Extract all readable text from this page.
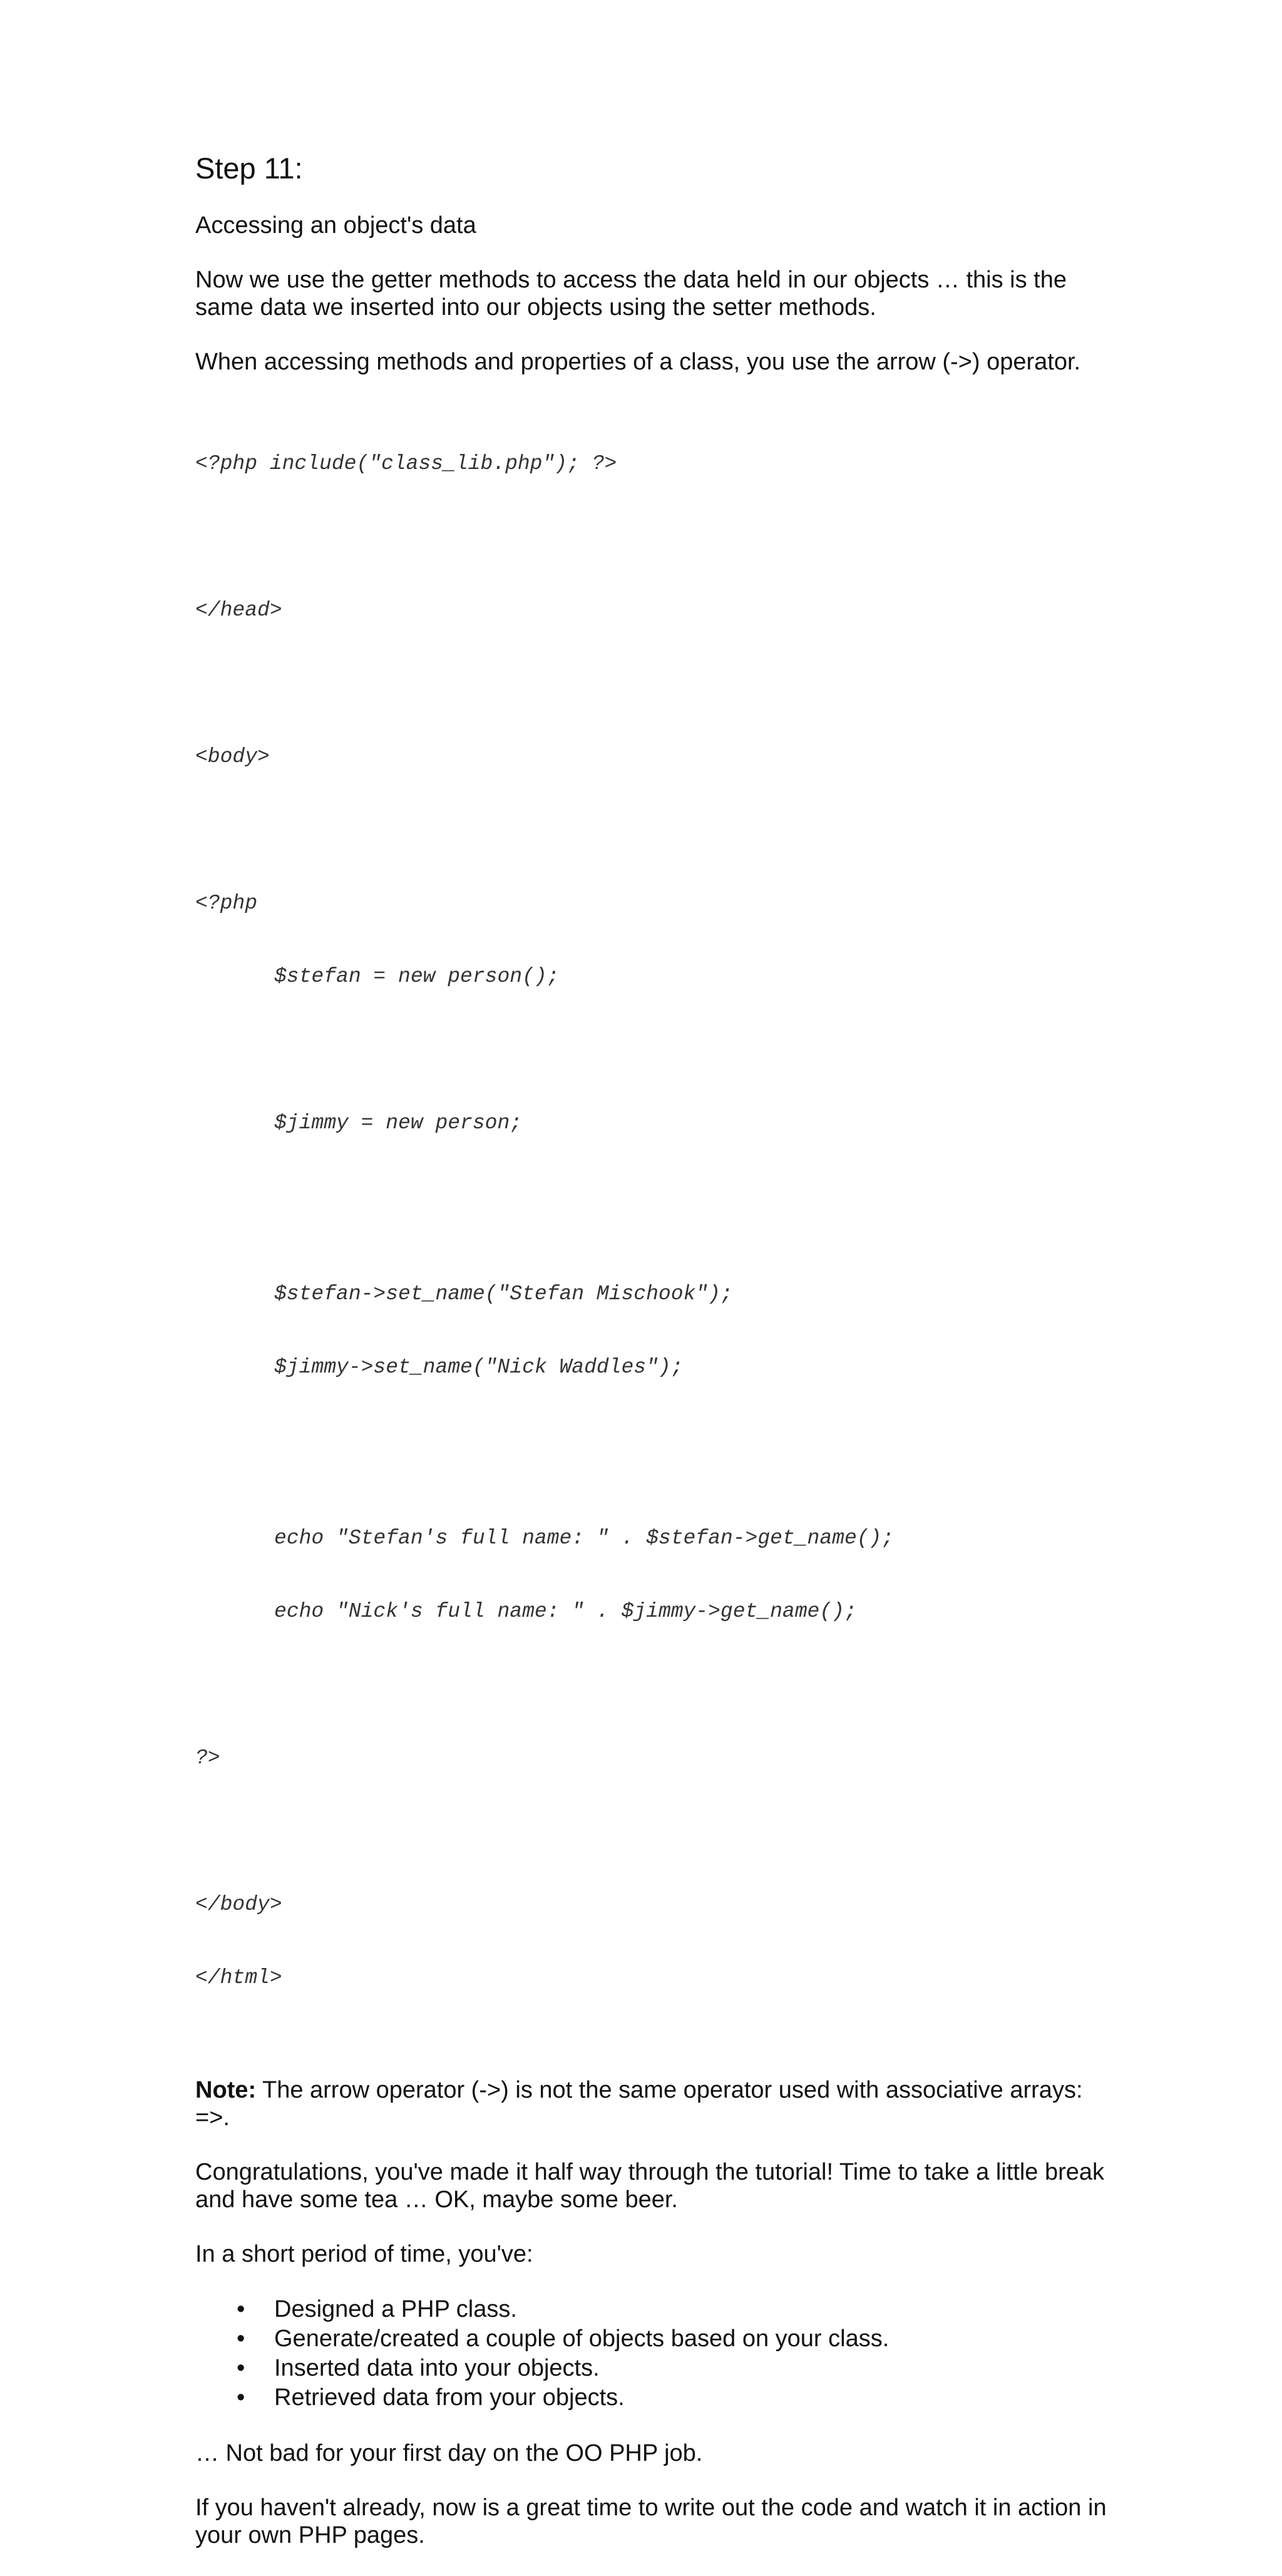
Step 11:

Accessing an object's data

Now we use the getter methods to access the data held in our objects … this is the same data we inserted into our objects using the setter methods.

When accessing methods and properties of a class, you use the arrow (->) operator.

<?php include("class_lib.php"); ?>

</head>

<body>

<?php

$stefan = new person();

$jimmy = new person;

$stefan->set_name("Stefan Mischook");

$jimmy->set_name("Nick Waddles");

echo "Stefan's full name: " . $stefan->get_name();

echo "Nick's full name: " . $jimmy->get_name();

?>

</body>

</html>

Note: The arrow operator (->) is not the same operator used with associative arrays: =>.

Congratulations, you've made it half way through the tutorial! Time to take a little break and have some tea … OK, maybe some beer.

In a short period of time, you've:

• Designed a PHP class.
• Generate/created a couple of objects based on your class.
• Inserted data into your objects.
• Retrieved data from your objects.

… Not bad for your first day on the OO PHP job.

If you haven't already, now is a great time to write out the code and watch it in action in your own PHP pages.
